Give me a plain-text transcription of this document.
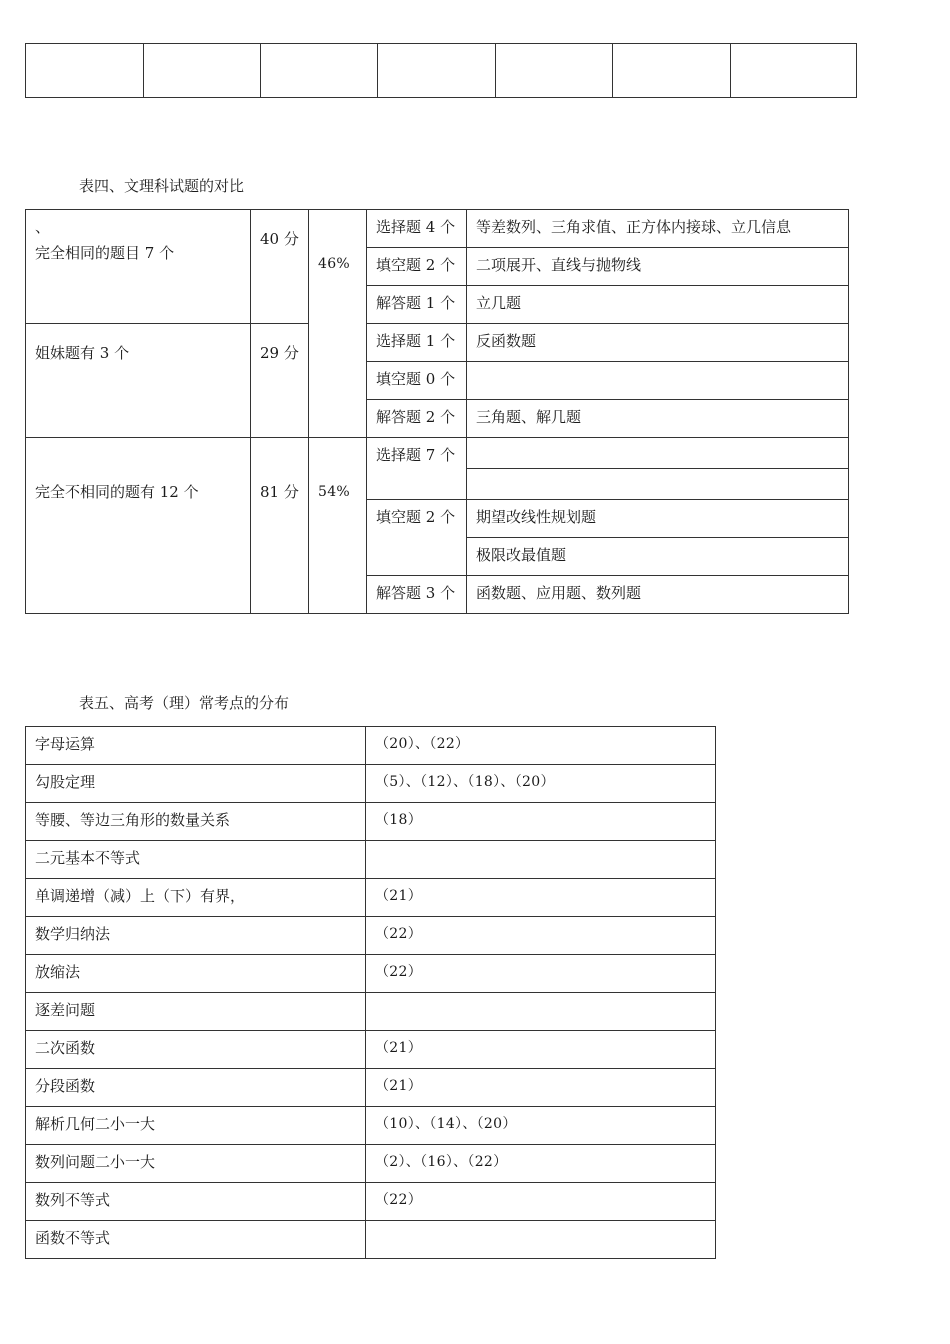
表四、文理科试题的对比
、
完全相同的题目 7 个	40 分	46%	选择题 4 个	等差数列、三角求值、正方体内接球、立几信息

			填空题 2 个	二项展开、直线与抛物线

			解答题 1 个	立几题

姐妹题有 3 个	29 分		选择题 1 个	反函数题

			填空题 0 个	

			解答题 2 个	三角题、解几题

完全不相同的题有 12 个	81 分	54%	选择题 7 个	

			填空题 2 个	期望改线性规划题

				极限改最值题

			解答题 3 个	函数题、应用题、数列题
表五、高考（理）常考点的分布
字母运算	（20）、（22）

勾股定理	（5）、（12）、（18）、（20）

等腰、等边三角形的数量关系	（18）

二元基本不等式	

单调递增（减）上（下）有界，	（21）

数学归纳法	（22）

放缩法	（22）

逐差问题	

二次函数	（21）

分段函数	（21）

解析几何二小一大	（10）、（14）、（20）

数列问题二小一大	（2）、（16）、（22）

数列不等式	（22）

函数不等式	
